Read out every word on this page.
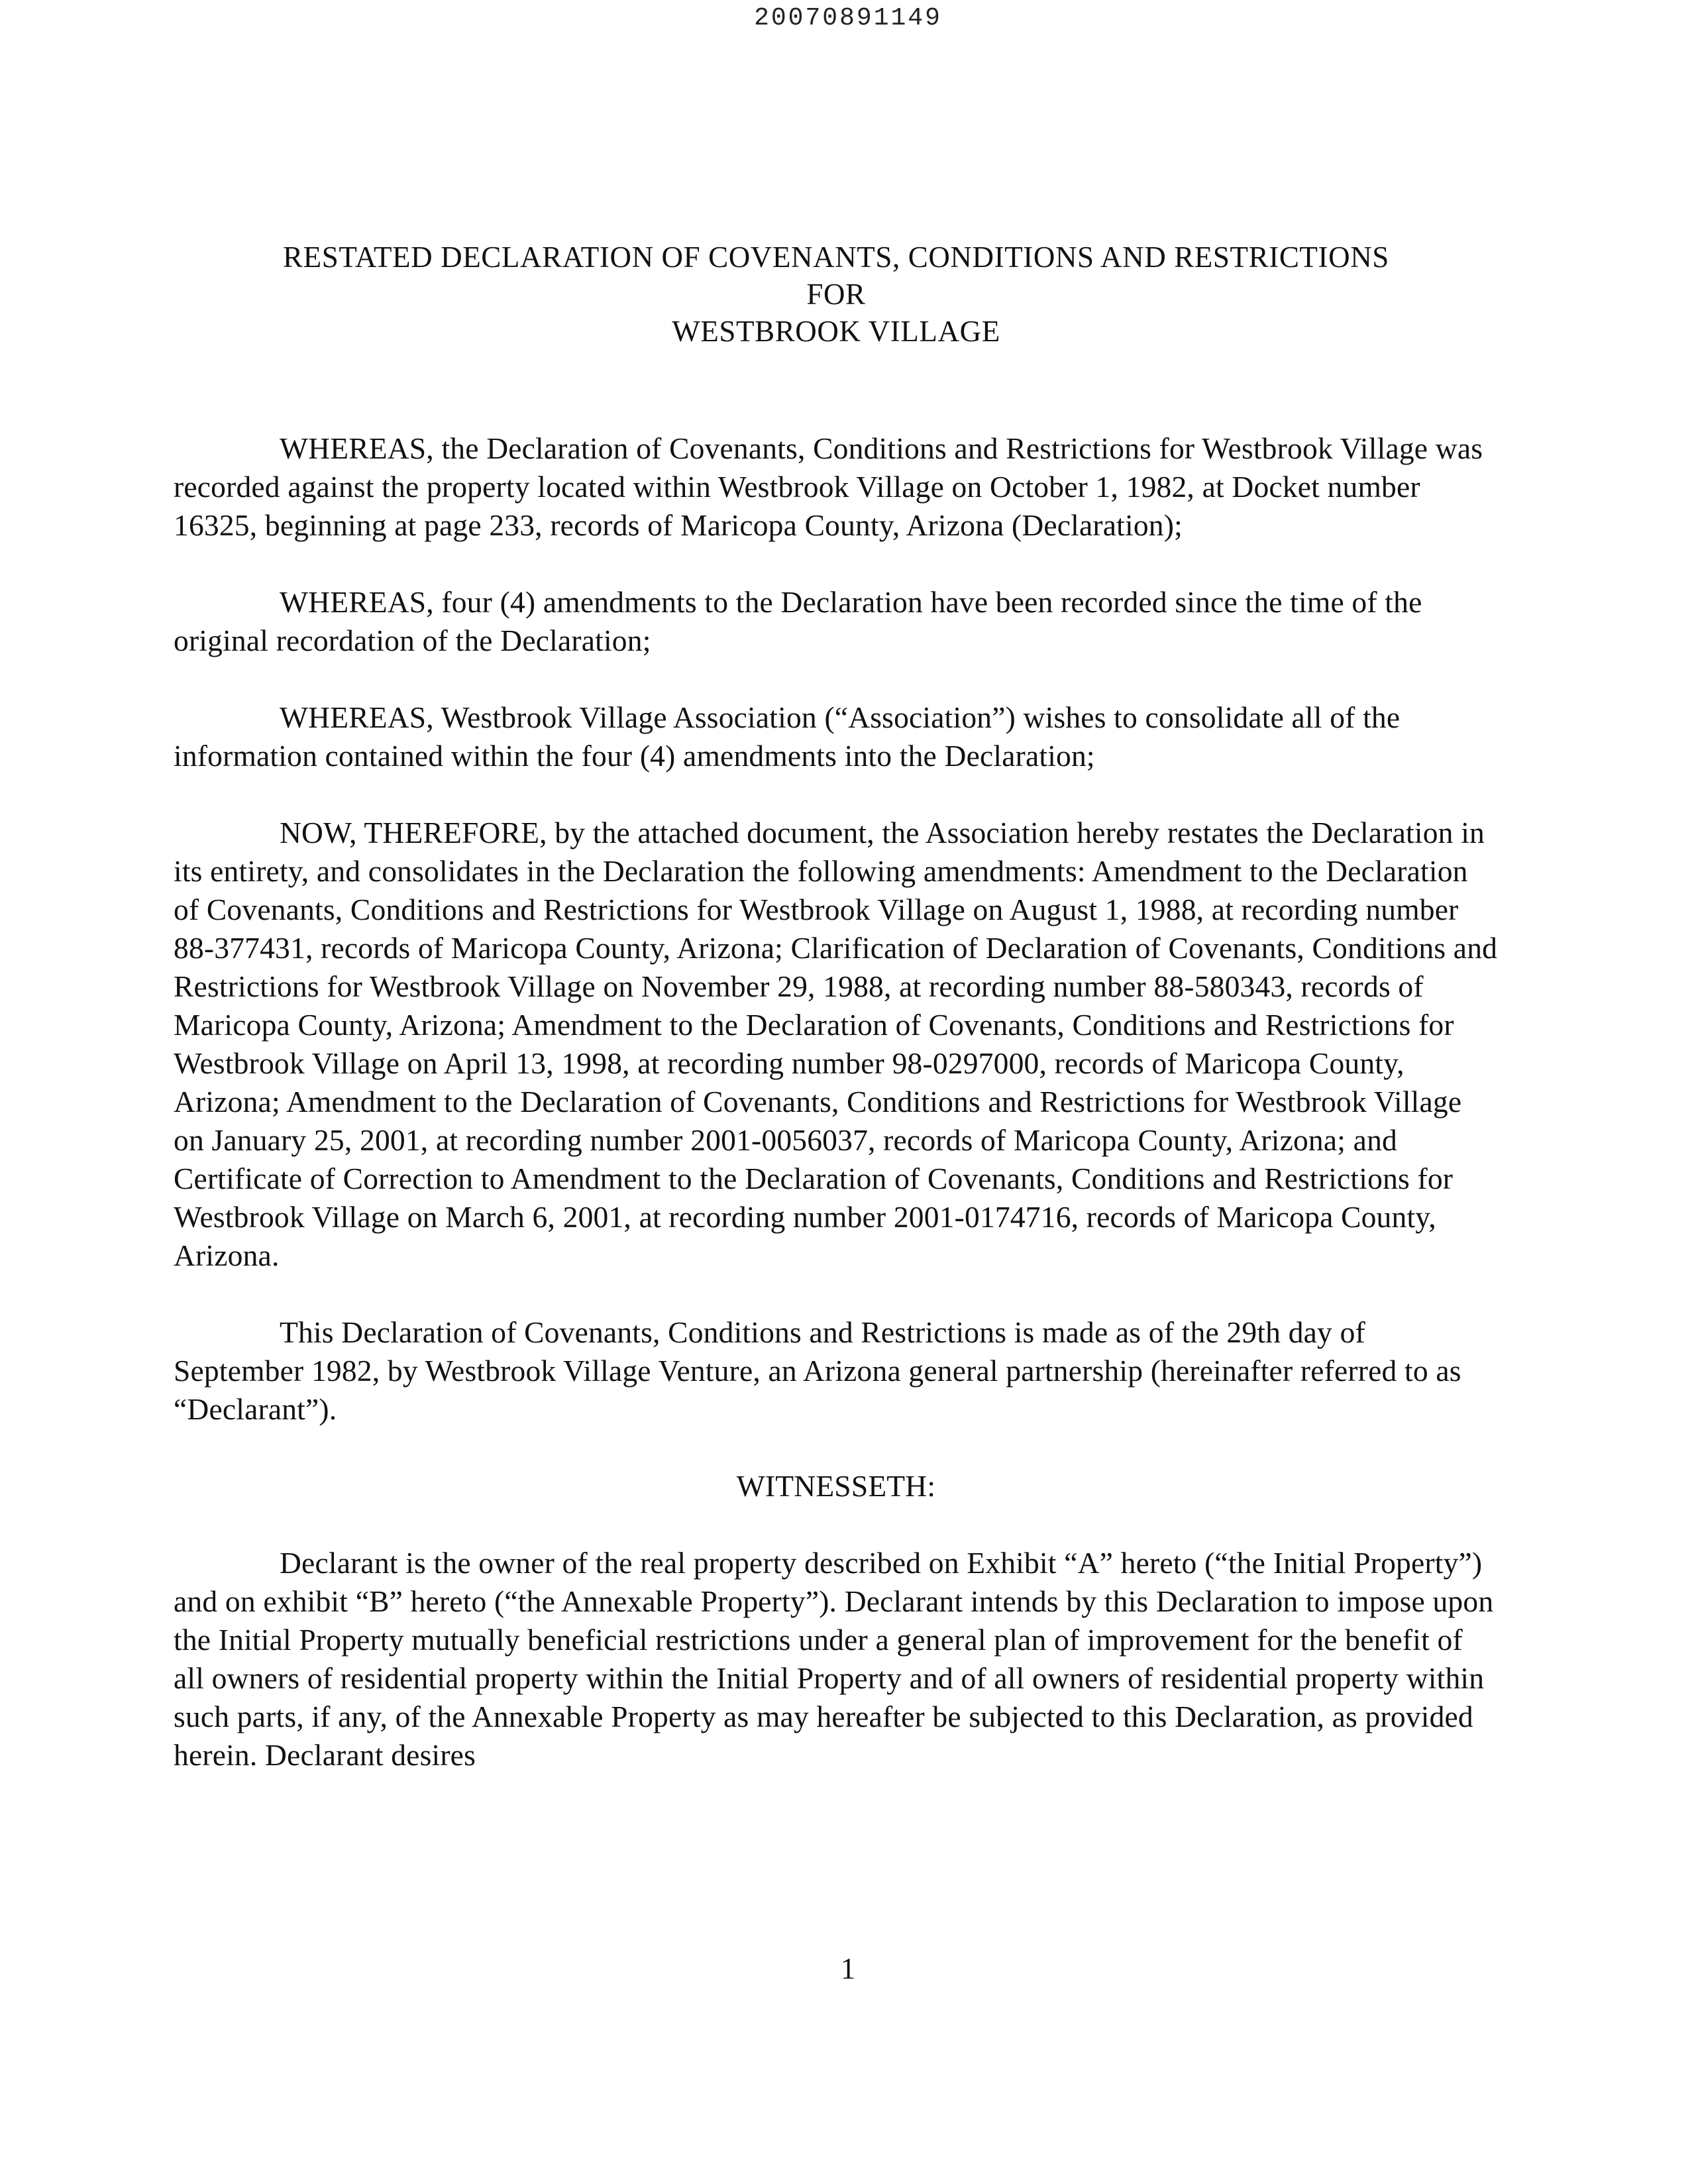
20070891149
RESTATED DECLARATION OF COVENANTS, CONDITIONS AND RESTRICTIONS
FOR
WESTBROOK VILLAGE

WHEREAS, the Declaration of Covenants, Conditions and Restrictions for Westbrook Village was recorded against the property located within Westbrook Village on October 1, 1982, at Docket number 16325, beginning at page 233, records of Maricopa County, Arizona (Declaration);

WHEREAS, four (4) amendments to the Declaration have been recorded since the time of the original recordation of the Declaration;

WHEREAS, Westbrook Village Association (“Association”) wishes to consolidate all of the information contained within the four (4) amendments into the Declaration;

NOW, THEREFORE, by the attached document, the Association hereby restates the Declaration in its entirety, and consolidates in the Declaration the following amendments: Amendment to the Declaration of Covenants, Conditions and Restrictions for Westbrook Village on August 1, 1988, at recording number 88-377431, records of Maricopa County, Arizona; Clarification of Declaration of Covenants, Conditions and Restrictions for Westbrook Village on November 29, 1988, at recording number 88-580343, records of Maricopa County, Arizona; Amendment to the Declaration of Covenants, Conditions and Restrictions for Westbrook Village on April 13, 1998, at recording number 98-0297000, records of Maricopa County, Arizona; Amendment to the Declaration of Covenants, Conditions and Restrictions for Westbrook Village on January 25, 2001, at recording number 2001-0056037, records of Maricopa County, Arizona; and Certificate of Correction to Amendment to the Declaration of Covenants, Conditions and Restrictions for Westbrook Village on March 6, 2001, at recording number 2001-0174716, records of Maricopa County, Arizona.

This Declaration of Covenants, Conditions and Restrictions is made as of the 29th day of September 1982, by Westbrook Village Venture, an Arizona general partnership (hereinafter referred to as “Declarant”).

WITNESSETH:

Declarant is the owner of the real property described on Exhibit “A” hereto (“the Initial Property”) and on exhibit “B” hereto (“the Annexable Property”). Declarant intends by this Declaration to impose upon the Initial Property mutually beneficial restrictions under a general plan of improvement for the benefit of all owners of residential property within the Initial Property and of all owners of residential property within such parts, if any, of the Annexable Property as may hereafter be subjected to this Declaration, as provided herein. Declarant desires

1
